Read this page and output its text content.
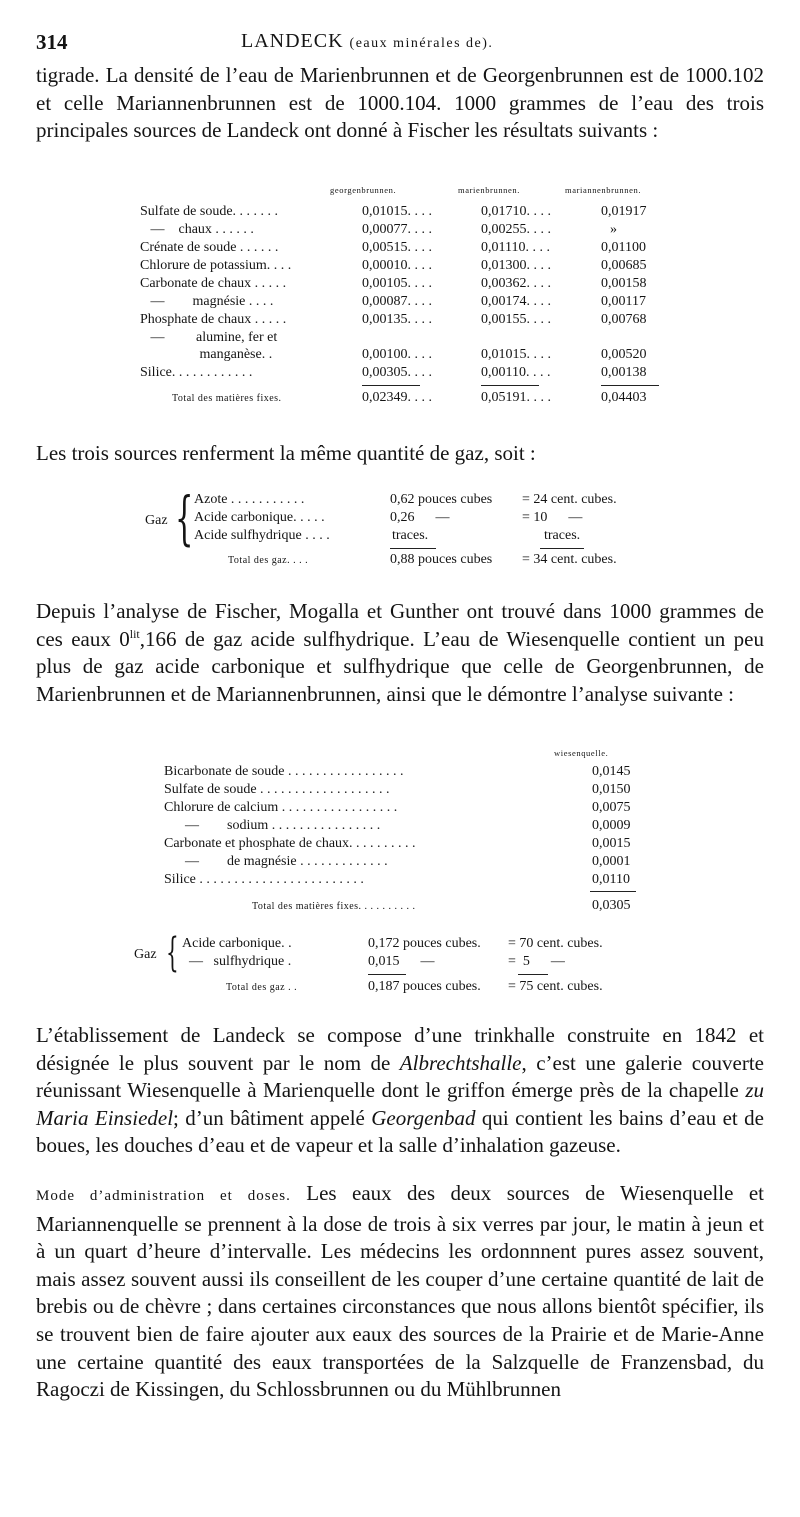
314	LANDECK (eaux minérales de).

tigrade. La densité de l’eau de Marienbrunnen et de Georgenbrunnen est de 1000.102 et celle Mariannenbrunnen est de 1000.104. 1000 grammes de l’eau des trois principales sources de Landeck ont donné à Fischer les résultats suivants :

georgenbrunnen.	marienbrunnen.	mariannenbrunnen.
Sulfate de soude. . . . . . .	0,01015. . . .	0,01710. . . .	0,01917
—    chaux . . . . . .	0,00077. . . .	0,00255. . . .	»
Crénate de soude . . . . . .	0,00515. . . .	0,01110. . . .	0,01100
Chlorure de potassium. . . .	0,00010. . . .	0,01300. . . .	0,00685
Carbonate de chaux . . . . .	0,00105. . . .	0,00362. . . .	0,00158
—        magnésie . . . .	0,00087. . . .	0,00174. . . .	0,00117
Phosphate de chaux . . . . .	0,00135. . . .	0,00155. . . .	0,00768
—         alumine, fer et
manganèse. .	0,00100. . . .	0,01015. . . .	0,00520
Silice. . . . . . . . . . . .	0,00305. . . .	0,00110. . . .	0,00138
Total des matières fixes.	0,02349. . . .	0,05191. . . .	0,04403

Les trois sources renferment la même quantité de gaz, soit :

Gaz { Azote . . . . . . . . . . .	0,62 pouces cubes = 24 cent. cubes.
Acide carbonique. . . . .	0,26      —	= 10      —
Acide sulfhydrique . . . .	traces.	traces.
Total des gaz. . . .	0,88 pouces cubes = 34 cent. cubes.

Depuis l’analyse de Fischer, Mogalla et Gunther ont trouvé dans 1000 grammes de ces eaux $0^{lit},166$ de gaz acide sulfhydrique. L’eau de Wiesenquelle contient un peu plus de gaz acide carbonique et sulfhydrique que celle de Georgenbrunnen, de Marienbrunnen et de Mariannenbrunnen, ainsi que le démontre l’analyse suivante :

wiesenquelle.
Bicarbonate de soude . . . . . . . . . . . . . . . . .	0,0145
Sulfate de soude . . . . . . . . . . . . . . . . . . .	0,0150
Chlorure de calcium . . . . . . . . . . . . . . . . .	0,0075
—        sodium . . . . . . . . . . . . . . . .	0,0009
Carbonate et phosphate de chaux. . . . . . . . . .	0,0015
—        de magnésie . . . . . . . . . . . . .	0,0001
Silice . . . . . . . . . . . . . . . . . . . . . . . .	0,0110
Total des matières fixes. . . . . . . . . .	0,0305
Gaz { Acide carbonique. .	0,172 pouces cubes. = 70 cent. cubes.
—   sulfhydrique .	0,015      —	=  5      —
Total des gaz . .	0,187 pouces cubes. = 75 cent. cubes.

L’établissement de Landeck se compose d’une trinkhalle construite en 1842 et désignée le plus souvent par le nom de Albrechtshalle, c’est une galerie couverte réunissant Wiesenquelle à Marienquelle dont le griffon émerge près de la chapelle zu Maria Einsiedel; d’un bâtiment appelé Georgenbad qui contient les bains d’eau et de boues, les douches d’eau et de vapeur et la salle d’inhalation gazeuse.

Mode d’administration et doses. Les eaux des deux sources de Wiesenquelle et Mariannenquelle se prennent à la dose de trois à six verres par jour, le matin à jeun et à un quart d’heure d’intervalle. Les médecins les ordonnnent pures assez souvent, mais assez souvent aussi ils conseillent de les couper d’une certaine quantité de lait de brebis ou de chèvre ; dans certaines circonstances que nous allons bientôt spécifier, ils se trouvent bien de faire ajouter aux eaux des sources de la Prairie et de Marie-Anne une certaine quantité des eaux transportées de la Salzquelle de Franzensbad, du Ragoczi de Kissingen, du Schlossbrunnen ou du Mühlbrunnen
